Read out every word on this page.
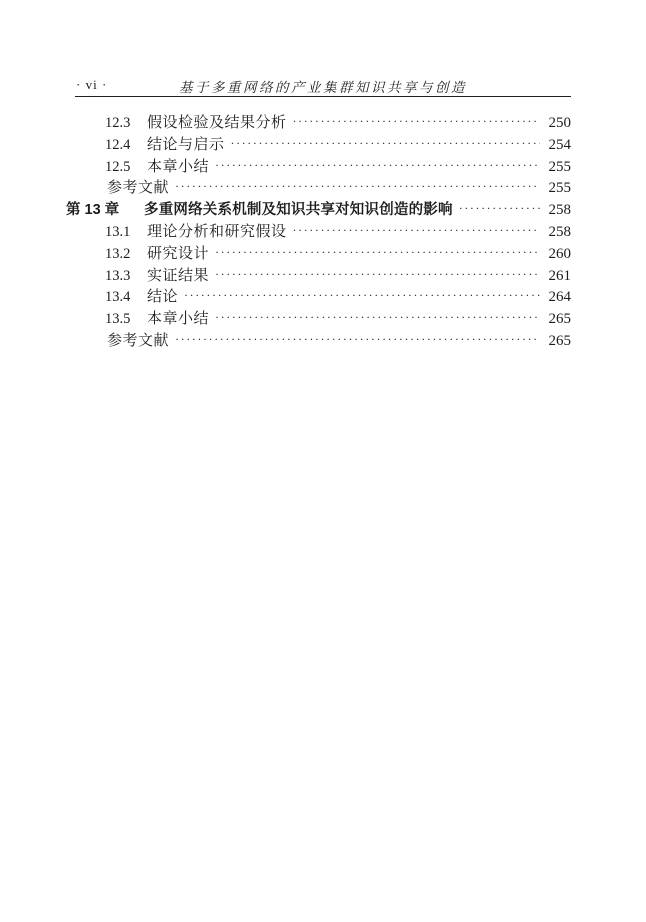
· vi ·	基于多重网络的产业集群知识共享与创造
12.3	假设检验及结果分析 ·····	250
12.4	结论与启示 ·····	254
12.5	本章小结 ·····	255
参考文献 ·····	255
第 13 章	多重网络关系机制及知识共享对知识创造的影响 ·····	258
13.1	理论分析和研究假设 ·····	258
13.2	研究设计 ·····	260
13.3	实证结果 ·····	261
13.4	结论 ·····	264
13.5	本章小结 ·····	265
参考文献 ·····	265
